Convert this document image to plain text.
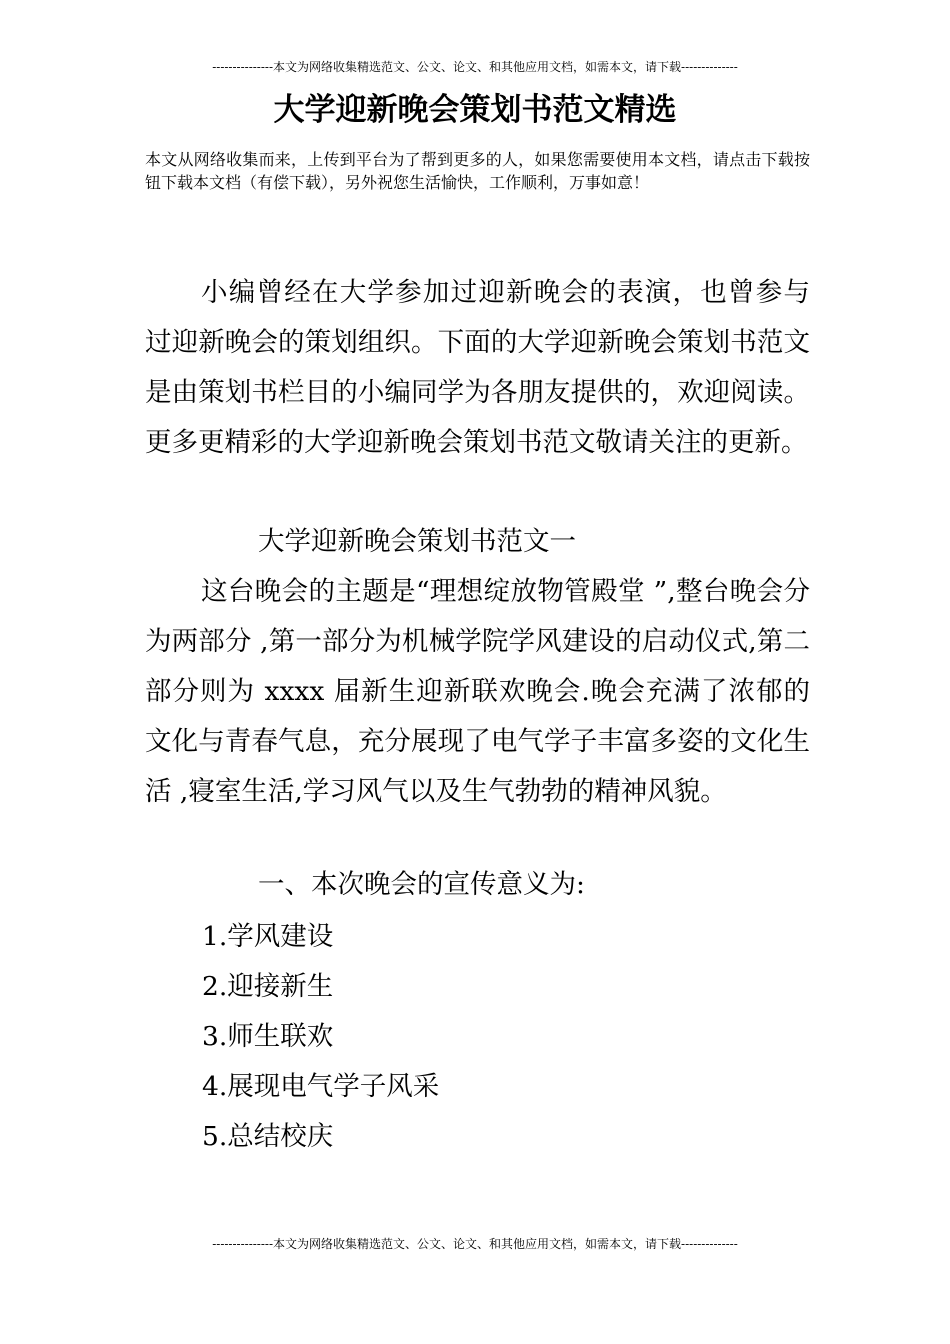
---------------本文为网络收集精选范文、公文、论文、和其他应用文档，如需本文，请下载--------------
大学迎新晚会策划书范文精选
本文从网络收集而来，上传到平台为了帮到更多的人，如果您需要使用本文档，请点击下载按钮下载本文档（有偿下载），另外祝您生活愉快，工作顺利，万事如意！
小编曾经在大学参加过迎新晚会的表演，也曾参与过迎新晚会的策划组织。下面的大学迎新晚会策划书范文是由策划书栏目的小编同学为各朋友提供的，欢迎阅读。更多更精彩的大学迎新晚会策划书范文敬请关注的更新。
大学迎新晚会策划书范文一
这台晚会的主题是“理想绽放物管殿堂 ”,整台晚会分为两部分 ,第一部分为机械学院学风建设的启动仪式,第二部分则为 xxxx 届新生迎新联欢晚会.晚会充满了浓郁的文化与青春气息，充分展现了电气学子丰富多姿的文化生活 ,寝室生活,学习风气以及生气勃勃的精神风貌。
一、本次晚会的宣传意义为:
1.学风建设
2.迎接新生
3.师生联欢
4.展现电气学子风采
5.总结校庆
---------------本文为网络收集精选范文、公文、论文、和其他应用文档，如需本文，请下载--------------
